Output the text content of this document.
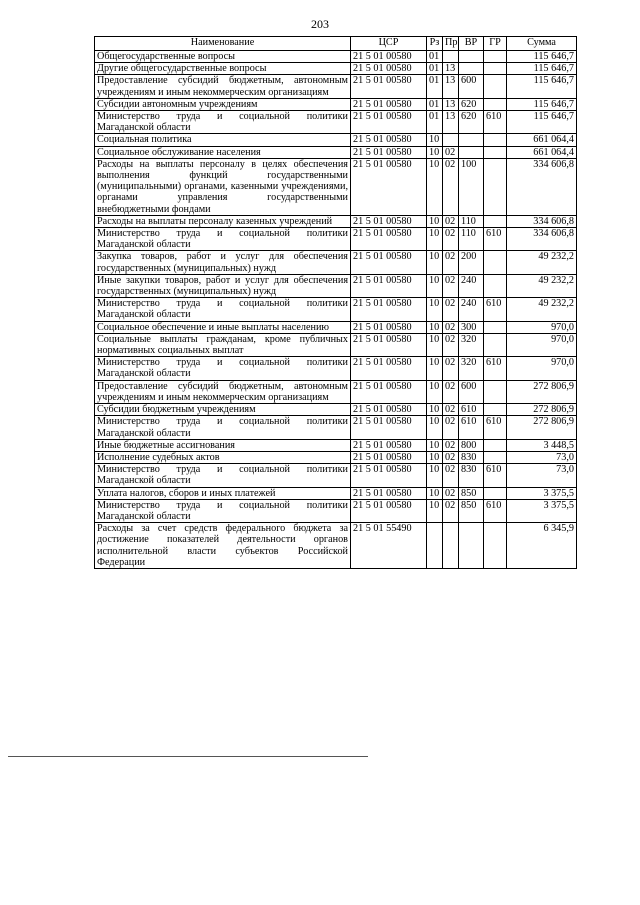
203
Наименование	ЦСР	Рз	Пр	ВР	ГР	Сумма
Общегосударственные вопросы	21 5 01 00580	01				115 646,7
Другие общегосударственные вопросы	21 5 01 00580	01	13			115 646,7
Предоставление субсидий бюджетным, автономным учреждениям и иным некоммерческим организациям	21 5 01 00580	01	13	600		115 646,7
Субсидии автономным учреждениям	21 5 01 00580	01	13	620		115 646,7
Министерство труда и социальной политики Магаданской области	21 5 01 00580	01	13	620	610	115 646,7
Социальная политика	21 5 01 00580	10				661 064,4
Социальное обслуживание населения	21 5 01 00580	10	02			661 064,4
Расходы на выплаты персоналу в целях обеспечения выполнения функций государственными (муниципальными) органами, казенными учреждениями, органами управления государственными внебюджетными фондами	21 5 01 00580	10	02	100		334 606,8
Расходы на выплаты персоналу казенных учреждений	21 5 01 00580	10	02	110		334 606,8
Министерство труда и социальной политики Магаданской области	21 5 01 00580	10	02	110	610	334 606,8
Закупка товаров, работ и услуг для обеспечения государственных (муниципальных) нужд	21 5 01 00580	10	02	200		49 232,2
Иные закупки товаров, работ и услуг для обеспечения государственных (муниципальных) нужд	21 5 01 00580	10	02	240		49 232,2
Министерство труда и социальной политики Магаданской области	21 5 01 00580	10	02	240	610	49 232,2
Социальное обеспечение и иные выплаты населению	21 5 01 00580	10	02	300		970,0
Социальные выплаты гражданам, кроме публичных нормативных социальных выплат	21 5 01 00580	10	02	320		970,0
Министерство труда и социальной политики Магаданской области	21 5 01 00580	10	02	320	610	970,0
Предоставление субсидий бюджетным, автономным учреждениям и иным некоммерческим организациям	21 5 01 00580	10	02	600		272 806,9
Субсидии бюджетным учреждениям	21 5 01 00580	10	02	610		272 806,9
Министерство труда и социальной политики Магаданской области	21 5 01 00580	10	02	610	610	272 806,9
Иные бюджетные ассигнования	21 5 01 00580	10	02	800		3 448,5
Исполнение судебных актов	21 5 01 00580	10	02	830		73,0
Министерство труда и социальной политики Магаданской области	21 5 01 00580	10	02	830	610	73,0
Уплата налогов, сборов и иных платежей	21 5 01 00580	10	02	850		3 375,5
Министерство труда и социальной политики Магаданской области	21 5 01 00580	10	02	850	610	3 375,5
Расходы за счет средств федерального бюджета за достижение показателей деятельности органов исполнительной власти субъектов Российской Федерации	21 5 01 55490					6 345,9
